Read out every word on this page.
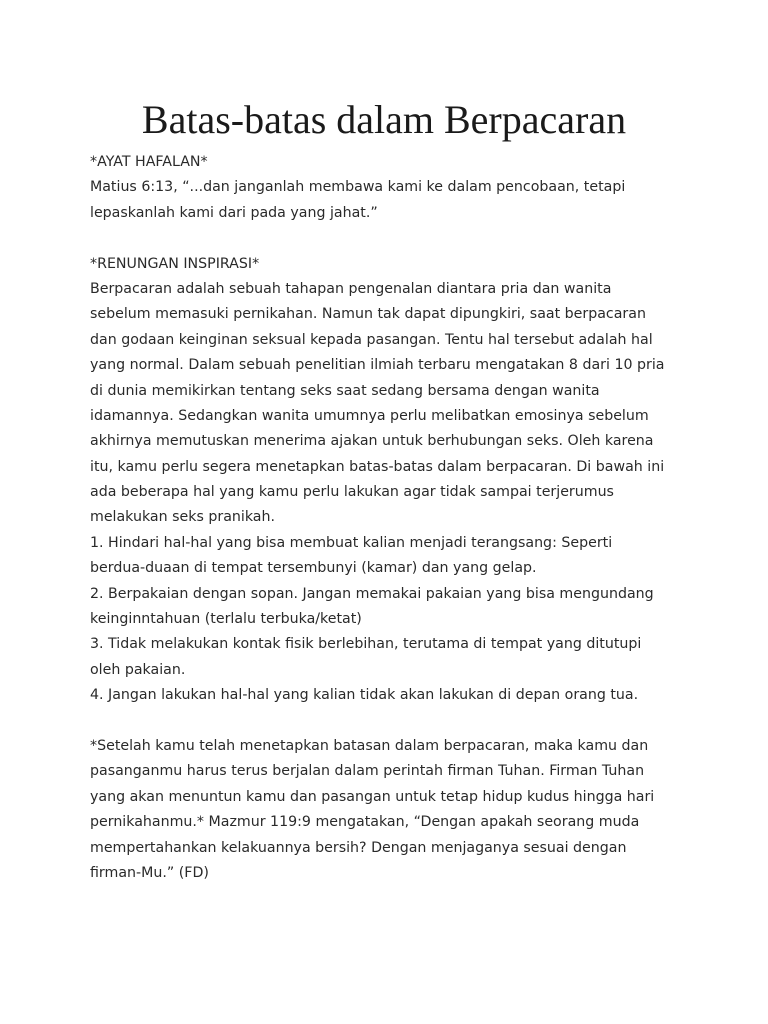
Batas-batas dalam Berpacaran
*AYAT HAFALAN*
Matius 6:13, “...dan janganlah membawa kami ke dalam pencobaan, tetapi
lepaskanlah kami dari pada yang jahat.”
*RENUNGAN INSPIRASI*
Berpacaran adalah sebuah tahapan pengenalan diantara pria dan wanita
sebelum memasuki pernikahan. Namun tak dapat dipungkiri, saat berpacaran
dan godaan keinginan seksual kepada pasangan. Tentu hal tersebut adalah hal
yang normal. Dalam sebuah penelitian ilmiah terbaru mengatakan 8 dari 10 pria
di dunia memikirkan tentang seks saat sedang bersama dengan wanita
idamannya. Sedangkan wanita umumnya perlu melibatkan emosinya sebelum
akhirnya memutuskan menerima ajakan untuk berhubungan seks. Oleh karena
itu, kamu perlu segera menetapkan batas-batas dalam berpacaran. Di bawah ini
ada beberapa hal yang kamu perlu lakukan agar tidak sampai terjerumus
melakukan seks pranikah.
1. Hindari hal-hal yang bisa membuat kalian menjadi terangsang: Seperti
berdua-duaan di tempat tersembunyi (kamar) dan yang gelap.
2. Berpakaian dengan sopan. Jangan memakai pakaian yang bisa mengundang
keinginntahuan (terlalu terbuka/ketat)
3. Tidak melakukan kontak fisik berlebihan, terutama di tempat yang ditutupi
oleh pakaian.
4. Jangan lakukan hal-hal yang kalian tidak akan lakukan di depan orang tua.
*Setelah kamu telah menetapkan batasan dalam berpacaran, maka kamu dan
pasanganmu harus terus berjalan dalam perintah firman Tuhan. Firman Tuhan
yang akan menuntun kamu dan pasangan untuk tetap hidup kudus hingga hari
pernikahanmu.* Mazmur 119:9 mengatakan, “Dengan apakah seorang muda
mempertahankan kelakuannya bersih? Dengan menjaganya sesuai dengan
firman-Mu.” (FD)
